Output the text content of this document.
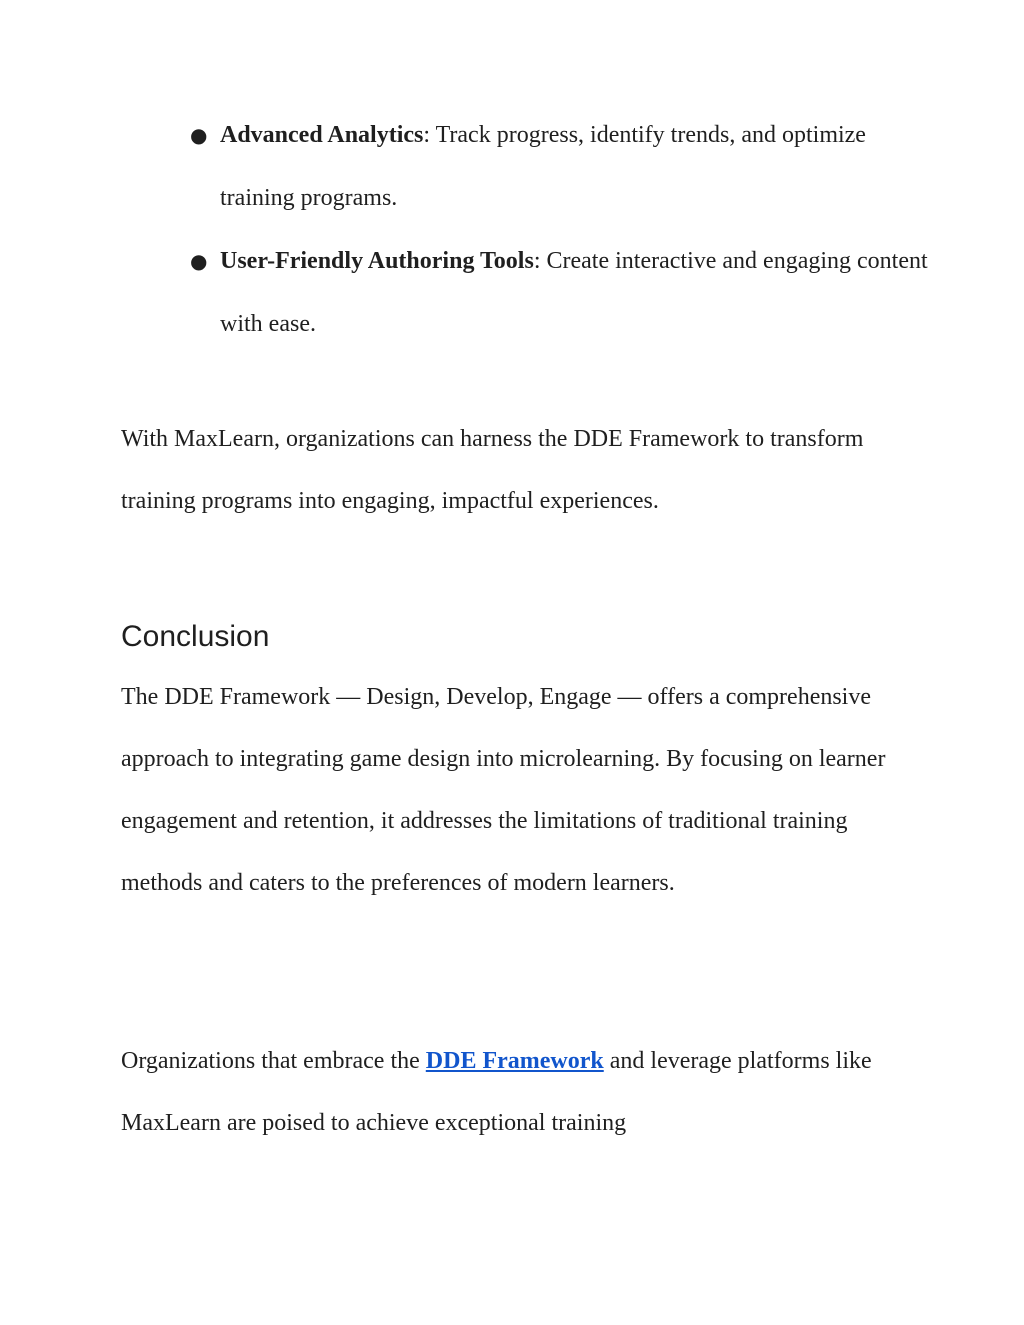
● Advanced Analytics: Track progress, identify trends, and optimize training programs.
● User-Friendly Authoring Tools: Create interactive and engaging content with ease.

With MaxLearn, organizations can harness the DDE Framework to transform training programs into engaging, impactful experiences.

Conclusion

The DDE Framework — Design, Develop, Engage — offers a comprehensive approach to integrating game design into microlearning. By focusing on learner engagement and retention, it addresses the limitations of traditional training methods and caters to the preferences of modern learners.

Organizations that embrace the DDE Framework and leverage platforms like MaxLearn are poised to achieve exceptional training
